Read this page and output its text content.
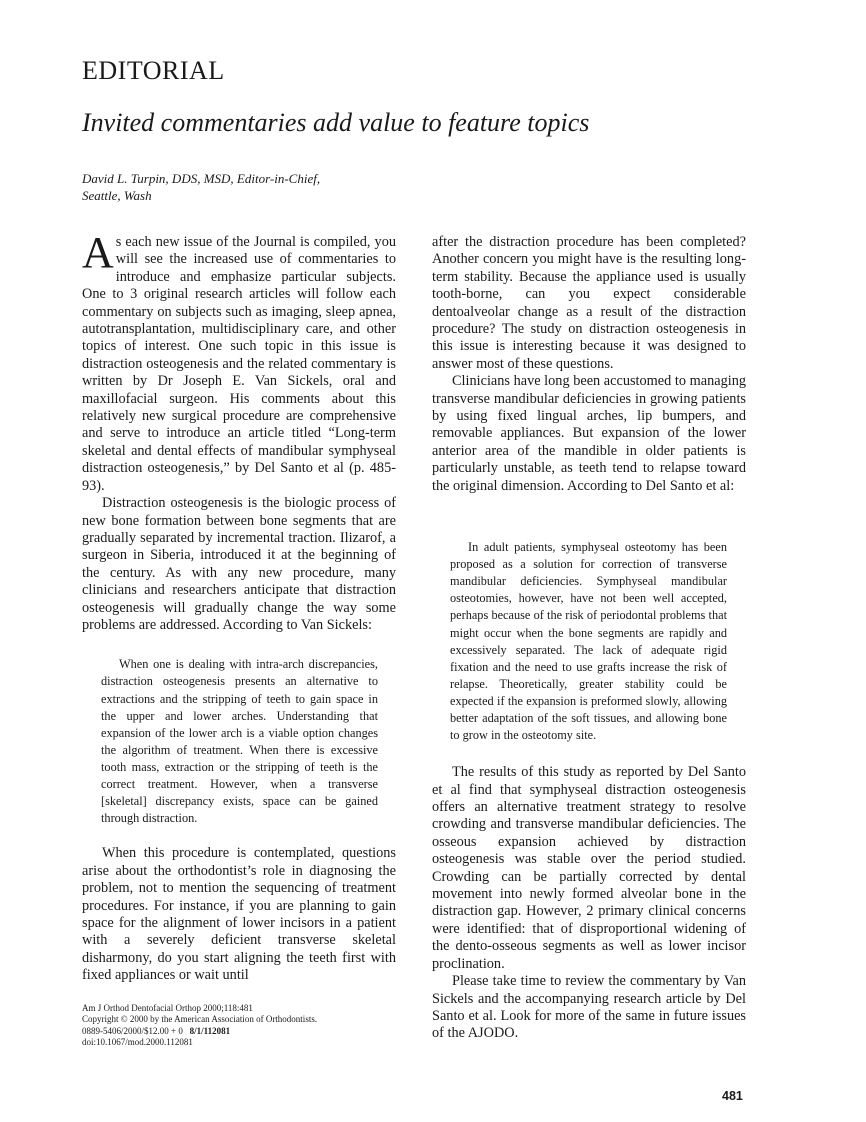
EDITORIAL
Invited commentaries add value to feature topics
David L. Turpin, DDS, MSD, Editor-in-Chief,
Seattle, Wash

As each new issue of the Journal is compiled, you will see the increased use of commentaries to introduce and emphasize particular subjects. One to 3 original research articles will follow each commentary on subjects such as imaging, sleep apnea, autotransplantation, multidisciplinary care, and other topics of interest. One such topic in this issue is distraction osteogenesis and the related commentary is written by Dr Joseph E. Van Sickels, oral and maxillofacial surgeon. His comments about this relatively new surgical procedure are comprehensive and serve to introduce an article titled “Long-term skeletal and dental effects of mandibular symphyseal distraction osteogenesis,” by Del Santo et al (p. 485-93).

Distraction osteogenesis is the biologic process of new bone formation between bone segments that are gradually separated by incremental traction. Ilizarof, a surgeon in Siberia, introduced it at the beginning of the century. As with any new procedure, many clinicians and researchers anticipate that distraction osteogenesis will gradually change the way some problems are addressed. According to Van Sickels:

When one is dealing with intra-arch discrepancies, distraction osteogenesis presents an alternative to extractions and the stripping of teeth to gain space in the upper and lower arches. Understanding that expansion of the lower arch is a viable option changes the algorithm of treatment. When there is excessive tooth mass, extraction or the stripping of teeth is the correct treatment. However, when a transverse [skeletal] discrepancy exists, space can be gained through distraction.

When this procedure is contemplated, questions arise about the orthodontist’s role in diagnosing the problem, not to mention the sequencing of treatment procedures. For instance, if you are planning to gain space for the alignment of lower incisors in a patient with a severely deficient transverse skeletal disharmony, do you start aligning the teeth first with fixed appliances or wait until

Am J Orthod Dentofacial Orthop 2000;118:481
Copyright © 2000 by the American Association of Orthodontists.
0889-5406/2000/$12.00 + 0 8/1/112081
doi:10.1067/mod.2000.112081

after the distraction procedure has been completed? Another concern you might have is the resulting long-term stability. Because the appliance used is usually tooth-borne, can you expect considerable dentoalveolar change as a result of the distraction procedure? The study on distraction osteogenesis in this issue is interesting because it was designed to answer most of these questions.

Clinicians have long been accustomed to managing transverse mandibular deficiencies in growing patients by using fixed lingual arches, lip bumpers, and removable appliances. But expansion of the lower anterior area of the mandible in older patients is particularly unstable, as teeth tend to relapse toward the original dimension. According to Del Santo et al:

In adult patients, symphyseal osteotomy has been proposed as a solution for correction of transverse mandibular deficiencies. Symphyseal mandibular osteotomies, however, have not been well accepted, perhaps because of the risk of periodontal problems that might occur when the bone segments are rapidly and excessively separated. The lack of adequate rigid fixation and the need to use grafts increase the risk of relapse. Theoretically, greater stability could be expected if the expansion is preformed slowly, allowing better adaptation of the soft tissues, and allowing bone to grow in the osteotomy site.

The results of this study as reported by Del Santo et al find that symphyseal distraction osteogenesis offers an alternative treatment strategy to resolve crowding and transverse mandibular deficiencies. The osseous expansion achieved by distraction osteogenesis was stable over the period studied. Crowding can be partially corrected by dental movement into newly formed alveolar bone in the distraction gap. However, 2 primary clinical concerns were identified: that of disproportional widening of the dento-osseous segments as well as lower incisor proclination.

Please take time to review the commentary by Van Sickels and the accompanying research article by Del Santo et al. Look for more of the same in future issues of the AJODO.

481
